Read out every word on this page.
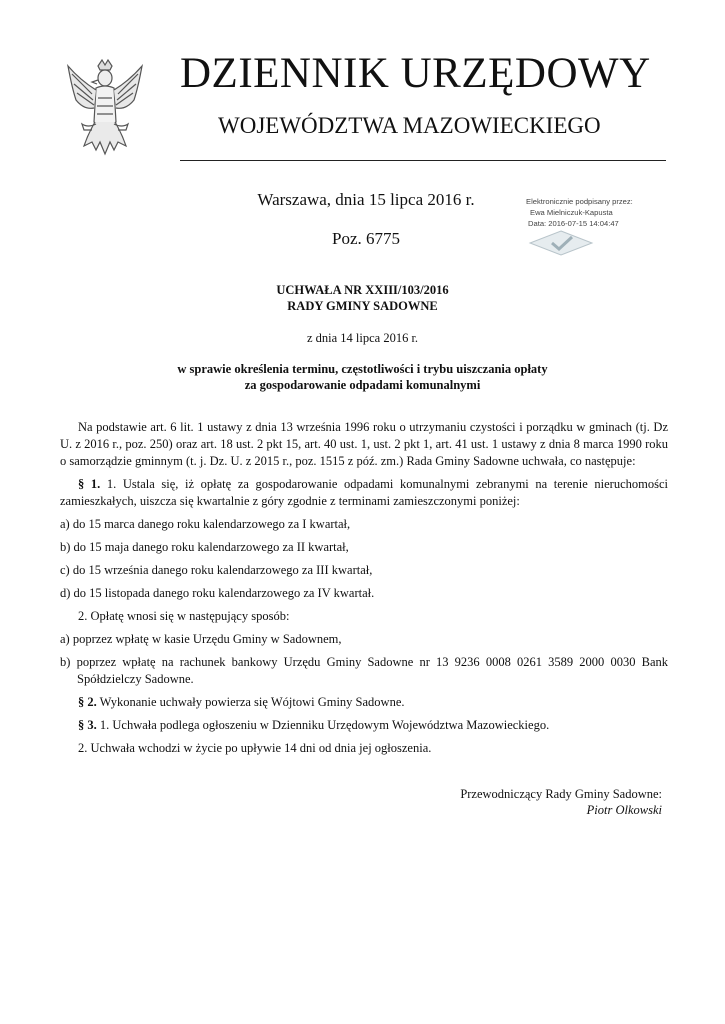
DZIENNIK URZĘDOWY
WOJEWÓDZTWA MAZOWIECKIEGO
Warszawa, dnia 15 lipca 2016 r.
Poz. 6775
Elektronicznie podpisany przez:
Ewa Mielniczuk-Kapusta
Data: 2016-07-15 14:04:47
UCHWAŁA NR XXIII/103/2016
RADY GMINY SADOWNE
z dnia 14 lipca 2016 r.
w sprawie określenia terminu, częstotliwości i trybu uiszczania opłaty
za gospodarowanie odpadami komunalnymi

Na podstawie art. 6 lit. 1 ustawy z dnia 13 września 1996 roku o utrzymaniu czystości i porządku w gminach (tj. Dz U. z 2016 r., poz. 250) oraz art. 18 ust. 2 pkt 15, art. 40 ust. 1, ust. 2 pkt 1, art. 41 ust. 1 ustawy z dnia 8 marca 1990 roku o samorządzie gminnym (t. j. Dz. U. z 2015 r., poz. 1515 z póź. zm.) Rada Gminy Sadowne uchwała, co następuje:

§ 1. 1. Ustala się, iż opłatę za gospodarowanie odpadami komunalnymi zebranymi na terenie nieruchomości zamieszkałych, uiszcza się kwartalnie z góry zgodnie z terminami zamieszczonymi poniżej:

a) do 15 marca danego roku kalendarzowego za I kwartał,

b) do 15 maja danego roku kalendarzowego za II kwartał,

c) do 15 września danego roku kalendarzowego za III kwartał,

d) do 15 listopada danego roku kalendarzowego za IV kwartał.

2. Opłatę wnosi się w następujący sposób:

a) poprzez wpłatę w kasie Urzędu Gminy w Sadownem,

b) poprzez wpłatę na rachunek bankowy Urzędu Gminy Sadowne nr 13 9236 0008 0261 3589 2000 0030 Bank Spółdzielczy Sadowne.

§ 2. Wykonanie uchwały powierza się Wójtowi Gminy Sadowne.

§ 3. 1. Uchwała podlega ogłoszeniu w Dzienniku Urzędowym Województwa Mazowieckiego.

2. Uchwała wchodzi w życie po upływie 14 dni od dnia jej ogłoszenia.

Przewodniczący Rady Gminy Sadowne:
Piotr Olkowski
